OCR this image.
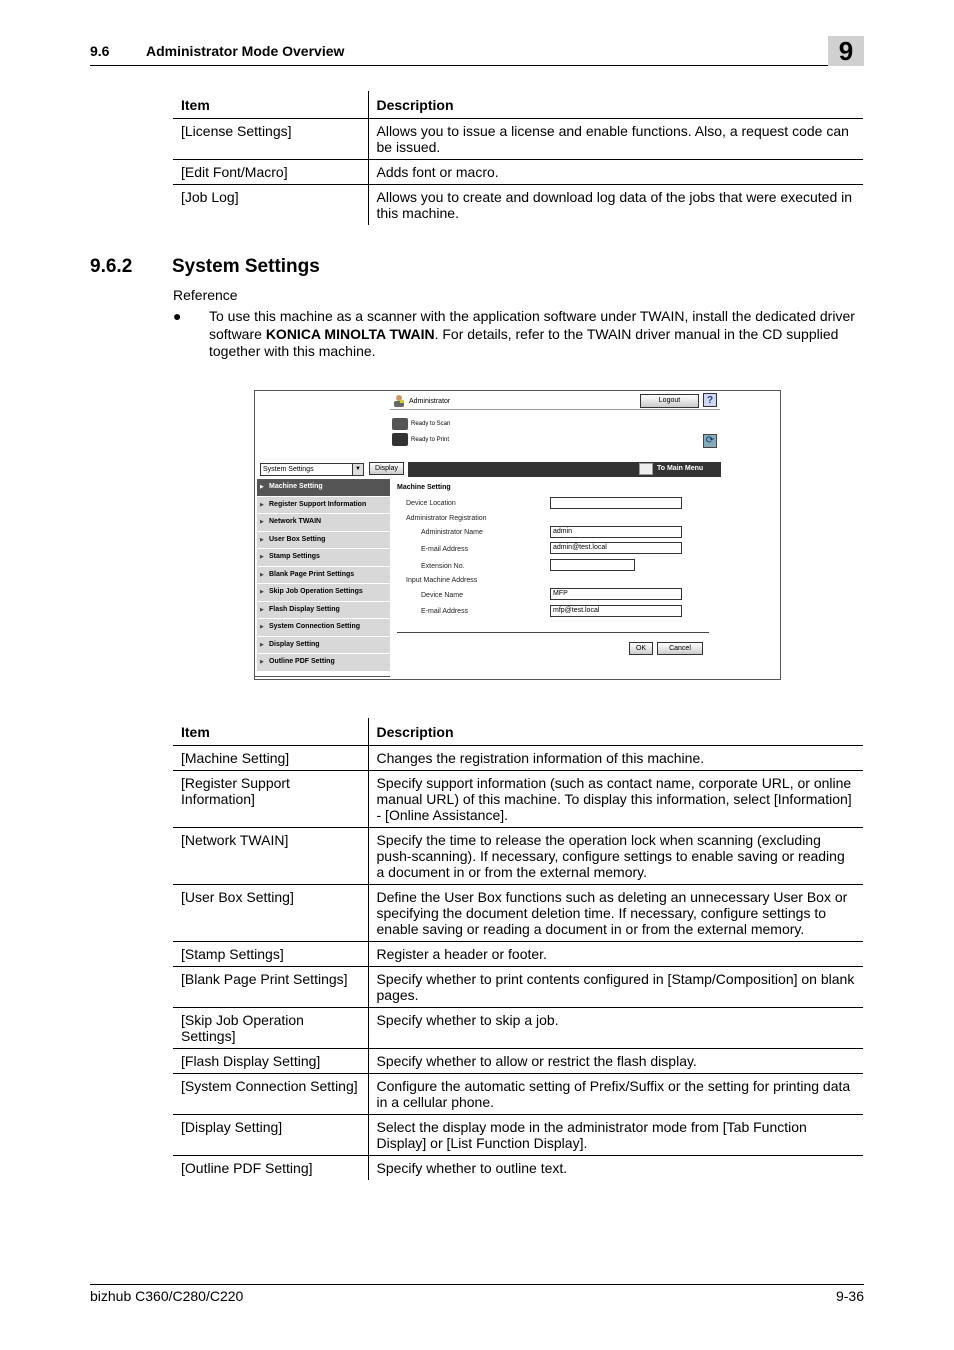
9.6	Administrator Mode Overview	9
Item	Description
[License Settings]	Allows you to issue a license and enable functions. Also, a request code can be issued.
[Edit Font/Macro]	Adds font or macro.
[Job Log]	Allows you to create and download log data of the jobs that were executed in this machine.
9.6.2 System Settings
Reference
● To use this machine as a scanner with the application software under TWAIN, install the dedicated driver software KONICA MINOLTA TWAIN. For details, refer to the TWAIN driver manual in the CD supplied together with this machine.
Administrator	Logout	?
Ready to Scan
Ready to Print	⟳
System Settings	▼	Display	To Main Menu
▶ Machine Setting
▶ Register Support Information
▶ Network TWAIN
▶ User Box Setting
▶ Stamp Settings
▶ Blank Page Print Settings
▶ Skip Job Operation Settings
▶ Flash Display Setting
▶ System Connection Setting
▶ Display Setting
▶ Outline PDF Setting
Machine Setting
Device Location
Administrator Registration
Administrator Name	admin
E-mail Address	admin@test.local
Extension No.
Input Machine Address
Device Name	MFP
E-mail Address	mfp@test.local
OK	Cancel
Item	Description
[Machine Setting]	Changes the registration information of this machine.
[Register Support Information]	Specify support information (such as contact name, corporate URL, or online manual URL) of this machine. To display this information, select [Information] - [Online Assistance].
[Network TWAIN]	Specify the time to release the operation lock when scanning (excluding push-scanning). If necessary, configure settings to enable saving or reading a document in or from the external memory.
[User Box Setting]	Define the User Box functions such as deleting an unnecessary User Box or specifying the document deletion time. If necessary, configure settings to enable saving or reading a document in or from the external memory.
[Stamp Settings]	Register a header or footer.
[Blank Page Print Settings]	Specify whether to print contents configured in [Stamp/Composition] on blank pages.
[Skip Job Operation Settings]	Specify whether to skip a job.
[Flash Display Setting]	Specify whether to allow or restrict the flash display.
[System Connection Setting]	Configure the automatic setting of Prefix/Suffix or the setting for printing data in a cellular phone.
[Display Setting]	Select the display mode in the administrator mode from [Tab Function Display] or [List Function Display].
[Outline PDF Setting]	Specify whether to outline text.
bizhub C360/C280/C220	9-36
